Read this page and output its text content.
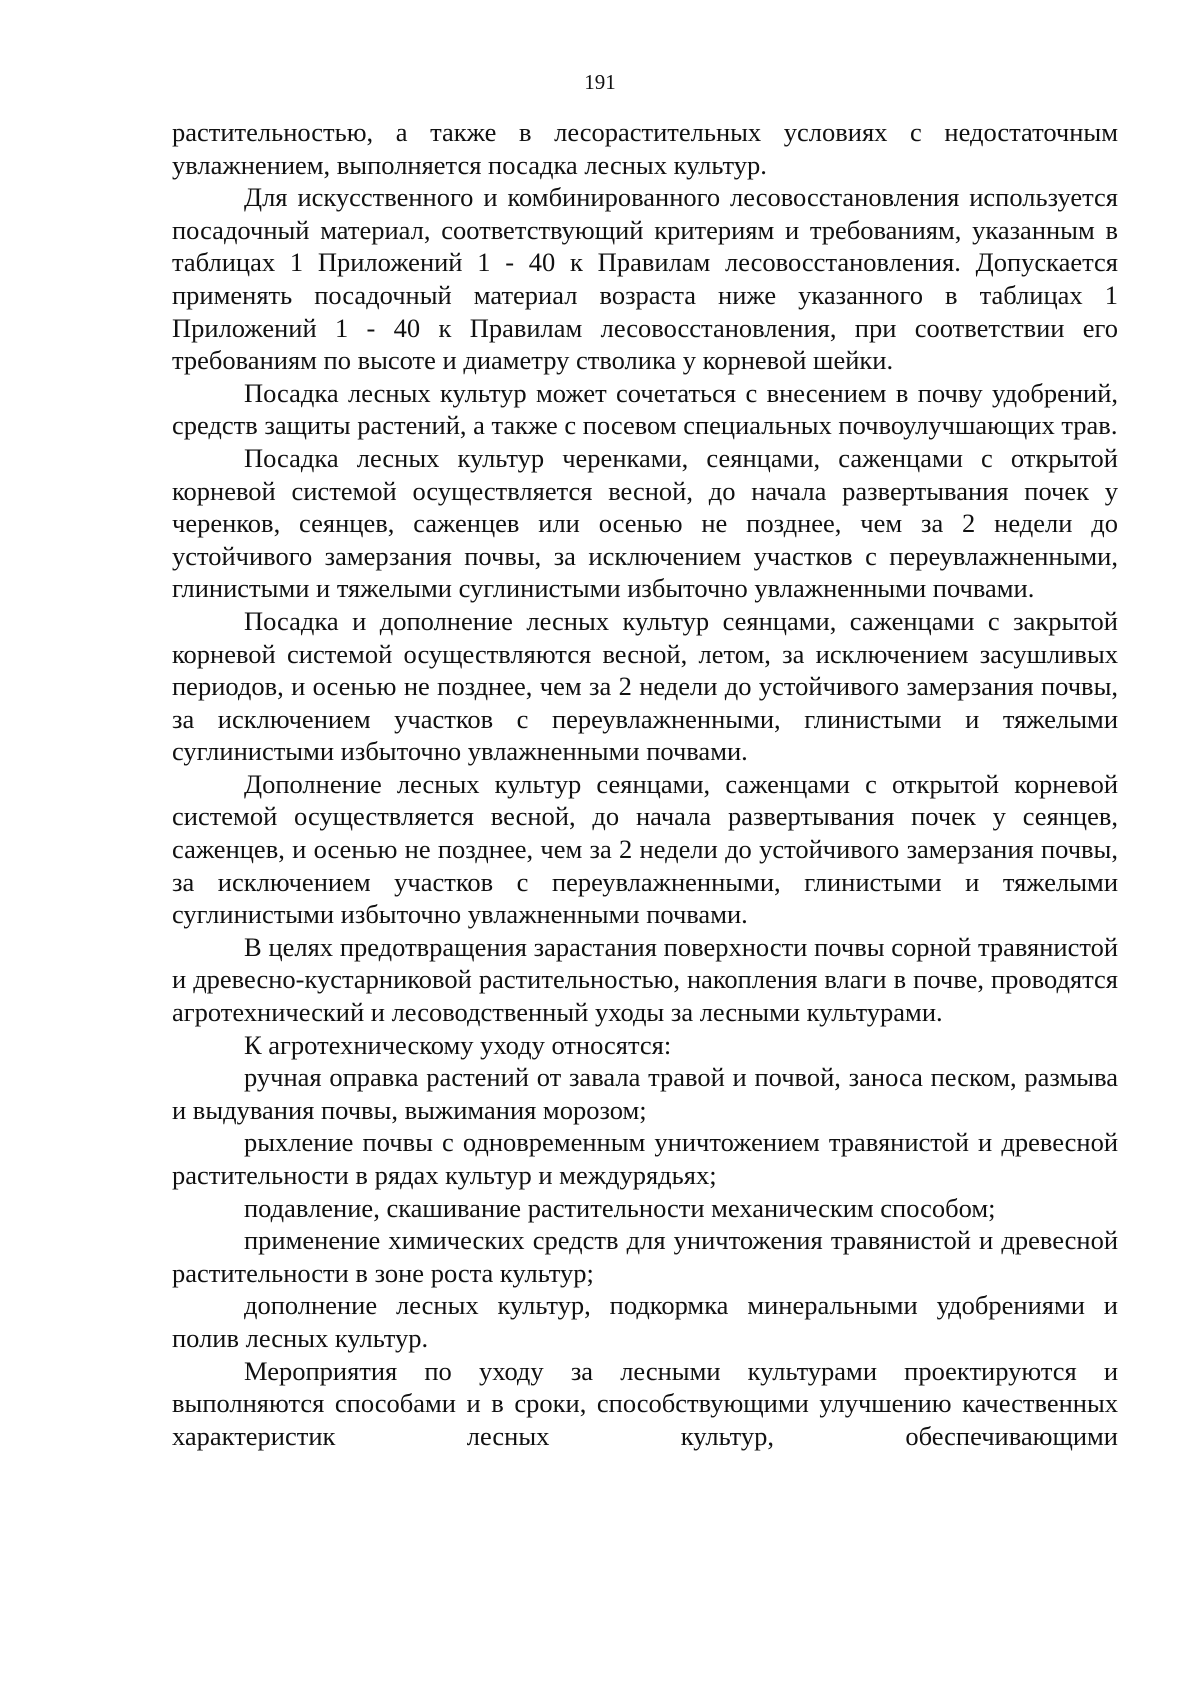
191

растительностью, а также в лесорастительных условиях с недостаточным увлажнением, выполняется посадка лесных культур.

Для искусственного и комбинированного лесовосстановления используется посадочный материал, соответствующий критериям и требованиям, указанным в таблицах 1 Приложений 1 - 40 к Правилам лесовосстановления. Допускается применять посадочный материал возраста ниже указанного в таблицах 1 Приложений 1 - 40 к Правилам лесовосстановления, при соответствии его требованиям по высоте и диаметру стволика у корневой шейки.

Посадка лесных культур может сочетаться с внесением в почву удобрений, средств защиты растений, а также с посевом специальных почвоулучшающих трав.

Посадка лесных культур черенками, сеянцами, саженцами с открытой корневой системой осуществляется весной, до начала развертывания почек у черенков, сеянцев, саженцев или осенью не позднее, чем за 2 недели до устойчивого замерзания почвы, за исключением участков с переувлажненными, глинистыми и тяжелыми суглинистыми избыточно увлажненными почвами.

Посадка и дополнение лесных культур сеянцами, саженцами с закрытой корневой системой осуществляются весной, летом, за исключением засушливых периодов, и осенью не позднее, чем за 2 недели до устойчивого замерзания почвы, за исключением участков с переувлажненными, глинистыми и тяжелыми суглинистыми избыточно увлажненными почвами.

Дополнение лесных культур сеянцами, саженцами с открытой корневой системой осуществляется весной, до начала развертывания почек у сеянцев, саженцев, и осенью не позднее, чем за 2 недели до устойчивого замерзания почвы, за исключением участков с переувлажненными, глинистыми и тяжелыми суглинистыми избыточно увлажненными почвами.

В целях предотвращения зарастания поверхности почвы сорной травянистой и древесно-кустарниковой растительностью, накопления влаги в почве, проводятся агротехнический и лесоводственный уходы за лесными культурами.

К агротехническому уходу относятся:

ручная оправка растений от завала травой и почвой, заноса песком, размыва и выдувания почвы, выжимания морозом;

рыхление почвы с одновременным уничтожением травянистой и древесной растительности в рядах культур и междурядьях;

подавление, скашивание растительности механическим способом;

применение химических средств для уничтожения травянистой и древесной растительности в зоне роста культур;

дополнение лесных культур, подкормка минеральными удобрениями и полив лесных культур.

Мероприятия по уходу за лесными культурами проектируются и выполняются способами и в сроки, способствующими улучшению качественных характеристик лесных культур, обеспечивающими
